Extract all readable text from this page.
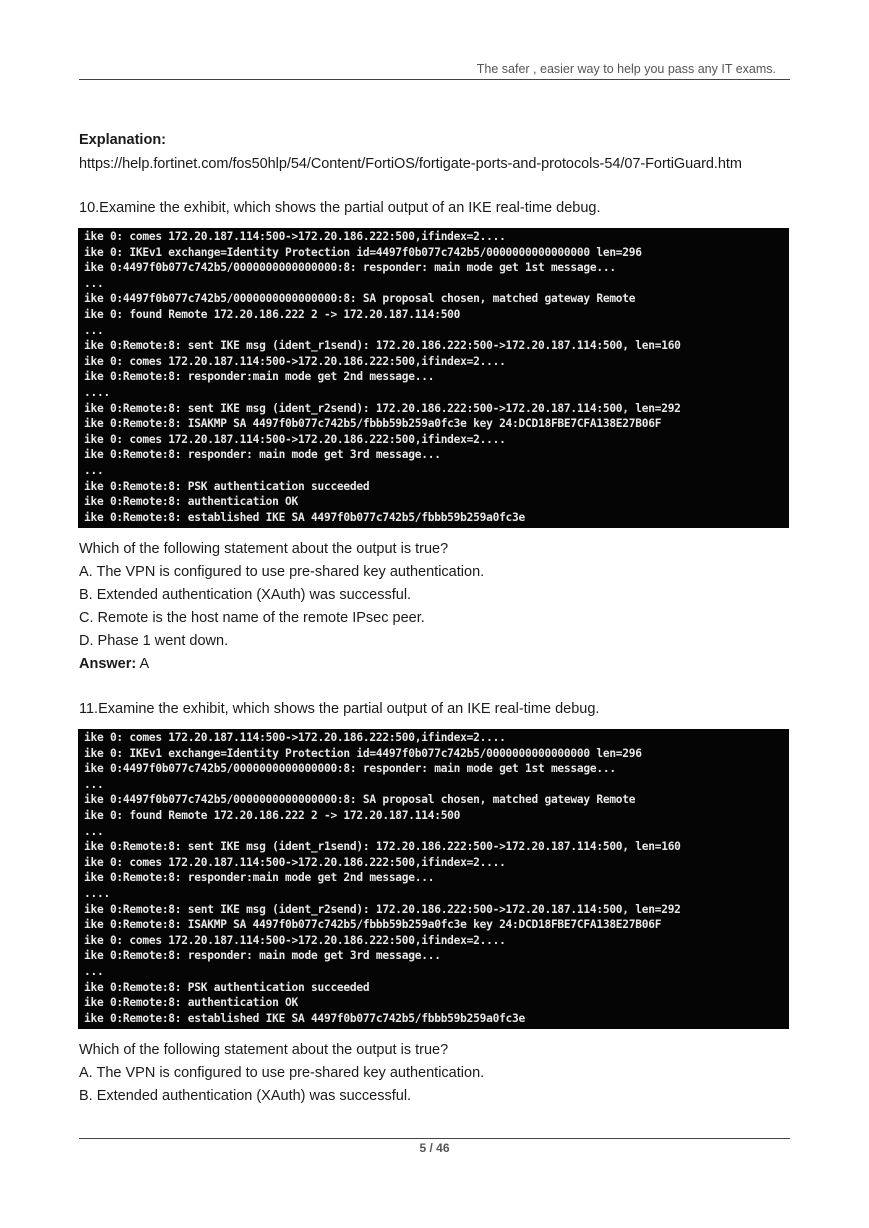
The safer , easier way to help you pass any IT exams.
Explanation:
https://help.fortinet.com/fos50hlp/54/Content/FortiOS/fortigate-ports-and-protocols-54/07-FortiGuard.htm
10.Examine the exhibit, which shows the partial output of an IKE real-time debug.
ike 0: comes 172.20.187.114:500->172.20.186.222:500,ifindex=2....
ike 0: IKEv1 exchange=Identity Protection id=4497f0b077c742b5/0000000000000000 len=296
ike 0:4497f0b077c742b5/0000000000000000:8: responder: main mode get 1st message...
...
ike 0:4497f0b077c742b5/0000000000000000:8: SA proposal chosen, matched gateway Remote
ike 0: found Remote 172.20.186.222 2 -> 172.20.187.114:500
...
ike 0:Remote:8: sent IKE msg (ident_r1send): 172.20.186.222:500->172.20.187.114:500, len=160
ike 0: comes 172.20.187.114:500->172.20.186.222:500,ifindex=2....
ike 0:Remote:8: responder:main mode get 2nd message...
....
ike 0:Remote:8: sent IKE msg (ident_r2send): 172.20.186.222:500->172.20.187.114:500, len=292
ike 0:Remote:8: ISAKMP SA 4497f0b077c742b5/fbbb59b259a0fc3e key 24:DCD18FBE7CFA138E27B06F
ike 0: comes 172.20.187.114:500->172.20.186.222:500,ifindex=2....
ike 0:Remote:8: responder: main mode get 3rd message...
...
ike 0:Remote:8: PSK authentication succeeded
ike 0:Remote:8: authentication OK
ike 0:Remote:8: established IKE SA 4497f0b077c742b5/fbbb59b259a0fc3e
Which of the following statement about the output is true?
A. The VPN is configured to use pre-shared key authentication.
B. Extended authentication (XAuth) was successful.
C. Remote is the host name of the remote IPsec peer.
D. Phase 1 went down.
Answer: A
11.Examine the exhibit, which shows the partial output of an IKE real-time debug.
ike 0: comes 172.20.187.114:500->172.20.186.222:500,ifindex=2....
ike 0: IKEv1 exchange=Identity Protection id=4497f0b077c742b5/0000000000000000 len=296
ike 0:4497f0b077c742b5/0000000000000000:8: responder: main mode get 1st message...
...
ike 0:4497f0b077c742b5/0000000000000000:8: SA proposal chosen, matched gateway Remote
ike 0: found Remote 172.20.186.222 2 -> 172.20.187.114:500
...
ike 0:Remote:8: sent IKE msg (ident_r1send): 172.20.186.222:500->172.20.187.114:500, len=160
ike 0: comes 172.20.187.114:500->172.20.186.222:500,ifindex=2....
ike 0:Remote:8: responder:main mode get 2nd message...
....
ike 0:Remote:8: sent IKE msg (ident_r2send): 172.20.186.222:500->172.20.187.114:500, len=292
ike 0:Remote:8: ISAKMP SA 4497f0b077c742b5/fbbb59b259a0fc3e key 24:DCD18FBE7CFA138E27B06F
ike 0: comes 172.20.187.114:500->172.20.186.222:500,ifindex=2....
ike 0:Remote:8: responder: main mode get 3rd message...
...
ike 0:Remote:8: PSK authentication succeeded
ike 0:Remote:8: authentication OK
ike 0:Remote:8: established IKE SA 4497f0b077c742b5/fbbb59b259a0fc3e
Which of the following statement about the output is true?
A. The VPN is configured to use pre-shared key authentication.
B. Extended authentication (XAuth) was successful.
5 / 46
